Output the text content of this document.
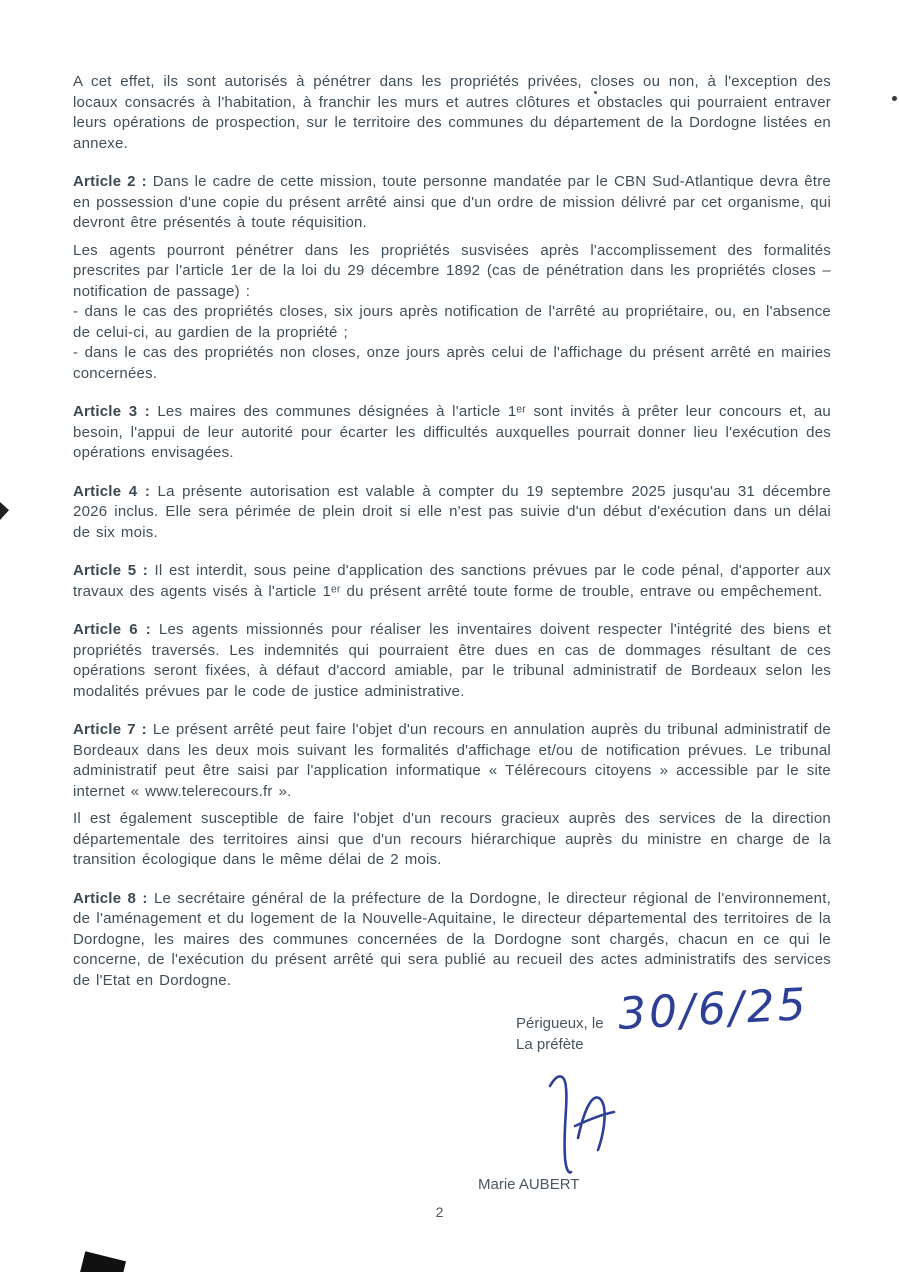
A cet effet, ils sont autorisés à pénétrer dans les propriétés privées, closes ou non, à l'exception des locaux consacrés à l'habitation, à franchir les murs et autres clôtures et obstacles qui pourraient entraver leurs opérations de prospection, sur le territoire des communes du département de la Dordogne listées en annexe.

Article 2 : Dans le cadre de cette mission, toute personne mandatée par le CBN Sud-Atlantique devra être en possession d'une copie du présent arrêté ainsi que d'un ordre de mission délivré par cet organisme, qui devront être présentés à toute réquisition.

Les agents pourront pénétrer dans les propriétés susvisées après l'accomplissement des formalités prescrites par l'article 1er de la loi du 29 décembre 1892 (cas de pénétration dans les propriétés closes – notification de passage) :

- dans le cas des propriétés closes, six jours après notification de l'arrêté au propriétaire, ou, en l'absence de celui-ci, au gardien de la propriété ;

- dans le cas des propriétés non closes, onze jours après celui de l'affichage du présent arrêté en mairies concernées.

Article 3 : Les maires des communes désignées à l'article 1ᵉʳ sont invités à prêter leur concours et, au besoin, l'appui de leur autorité pour écarter les difficultés auxquelles pourrait donner lieu l'exécution des opérations envisagées.

Article 4 : La présente autorisation est valable à compter du 19 septembre 2025 jusqu'au 31 décembre 2026 inclus. Elle sera périmée de plein droit si elle n'est pas suivie d'un début d'exécution dans un délai de six mois.

Article 5 : Il est interdit, sous peine d'application des sanctions prévues par le code pénal, d'apporter aux travaux des agents visés à l'article 1ᵉʳ du présent arrêté toute forme de trouble, entrave ou empêchement.

Article 6 : Les agents missionnés pour réaliser les inventaires doivent respecter l'intégrité des biens et propriétés traversés. Les indemnités qui pourraient être dues en cas de dommages résultant de ces opérations seront fixées, à défaut d'accord amiable, par le tribunal administratif de Bordeaux selon les modalités prévues par le code de justice administrative.

Article 7 : Le présent arrêté peut faire l'objet d'un recours en annulation auprès du tribunal administratif de Bordeaux dans les deux mois suivant les formalités d'affichage et/ou de notification prévues. Le tribunal administratif peut être saisi par l'application informatique « Télérecours citoyens » accessible par le site internet « www.telerecours.fr ».

Il est également susceptible de faire l'objet d'un recours gracieux auprès des services de la direction départementale des territoires ainsi que d'un recours hiérarchique auprès du ministre en charge de la transition écologique dans le même délai de 2 mois.

Article 8 : Le secrétaire général de la préfecture de la Dordogne, le directeur régional de l'environnement, de l'aménagement et du logement de la Nouvelle-Aquitaine, le directeur départemental des territoires de la Dordogne, les maires des communes concernées de la Dordogne sont chargés, chacun en ce qui le concerne, de l'exécution du présent arrêté qui sera publié au recueil des actes administratifs des services de l'Etat en Dordogne.

Périgueux, le
La préfète
30/6/25
Marie AUBERT
2
